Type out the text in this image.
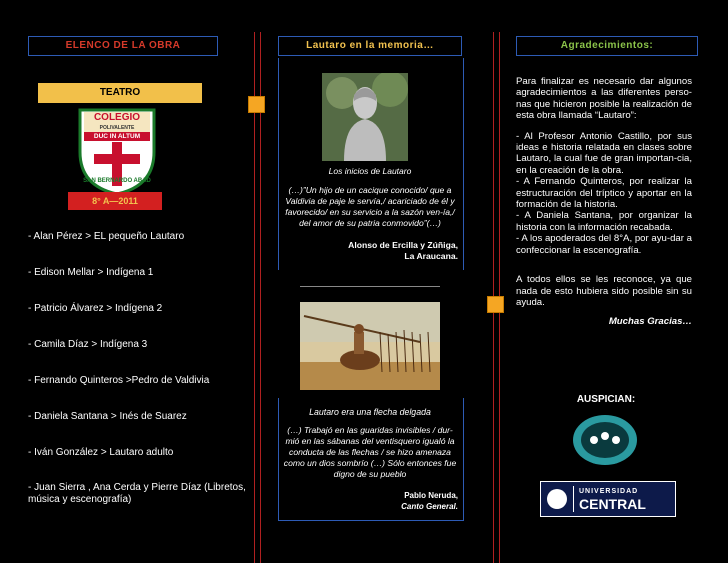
ELENCO DE LA OBRA
TEATRO
COLEGIO
POLIVALENTE
DUC IN ALTUM
SAN BERNARDO ABAD
8° A—2011
- Alan Pérez > EL pequeño Lautaro
- Edison Mellar > Indígena 1
- Patricio Álvarez > Indígena 2
- Camila Díaz > Indígena 3
- Fernando Quinteros >Pedro de Valdivia
- Daniela Santana > Inés de Suarez
- Iván González > Lautaro adulto
- Juan Sierra , Ana Cerda y Pierre Díaz (Libretos, música y escenografía)
Lautaro en la memoria…
Los inicios de Lautaro
(…)”Un hijo de un cacique conocido/ que a Valdivia de paje le servía,/ acariciado de él y favorecido/ en su servicio a la sazón ven-ía,/ del amor de su patria conmovido”(…)
Alonso de Ercilla y Zúñiga,
La Araucana.
Lautaro era una flecha delgada
(…) Trabajó en las guaridas invisibles / dur-mió en las sábanas del ventisquero igualó la conducta de las flechas / se hizo amenaza como un dios sombrío (…) Sólo entonces fue digno de su pueblo
Pablo Neruda,
Canto General.
Agradecimientos:

Para finalizar es necesario dar algunos agradecimientos a las diferentes perso-nas que hicieron posible la realización de esta obra llamada “Lautaro”:

- Al Profesor Antonio Castillo, por sus ideas e historia relatada en clases sobre Lautaro, la cual fue de gran importan-cia, en la creación de la obra.
- A Fernando Quinteros, por realizar la estructuración del tríptico y aportar en la formación de la historia.
- A Daniela Santana, por organizar la historia con la información recabada.
- A los apoderados del 8°A, por ayu-dar a confeccionar la escenografía.

A todos ellos se les reconoce, ya que nada de esto hubiera sido posible sin su ayuda.

Muchas Gracias…
AUSPICIAN:
UNIVERSIDAD
CENTRAL
